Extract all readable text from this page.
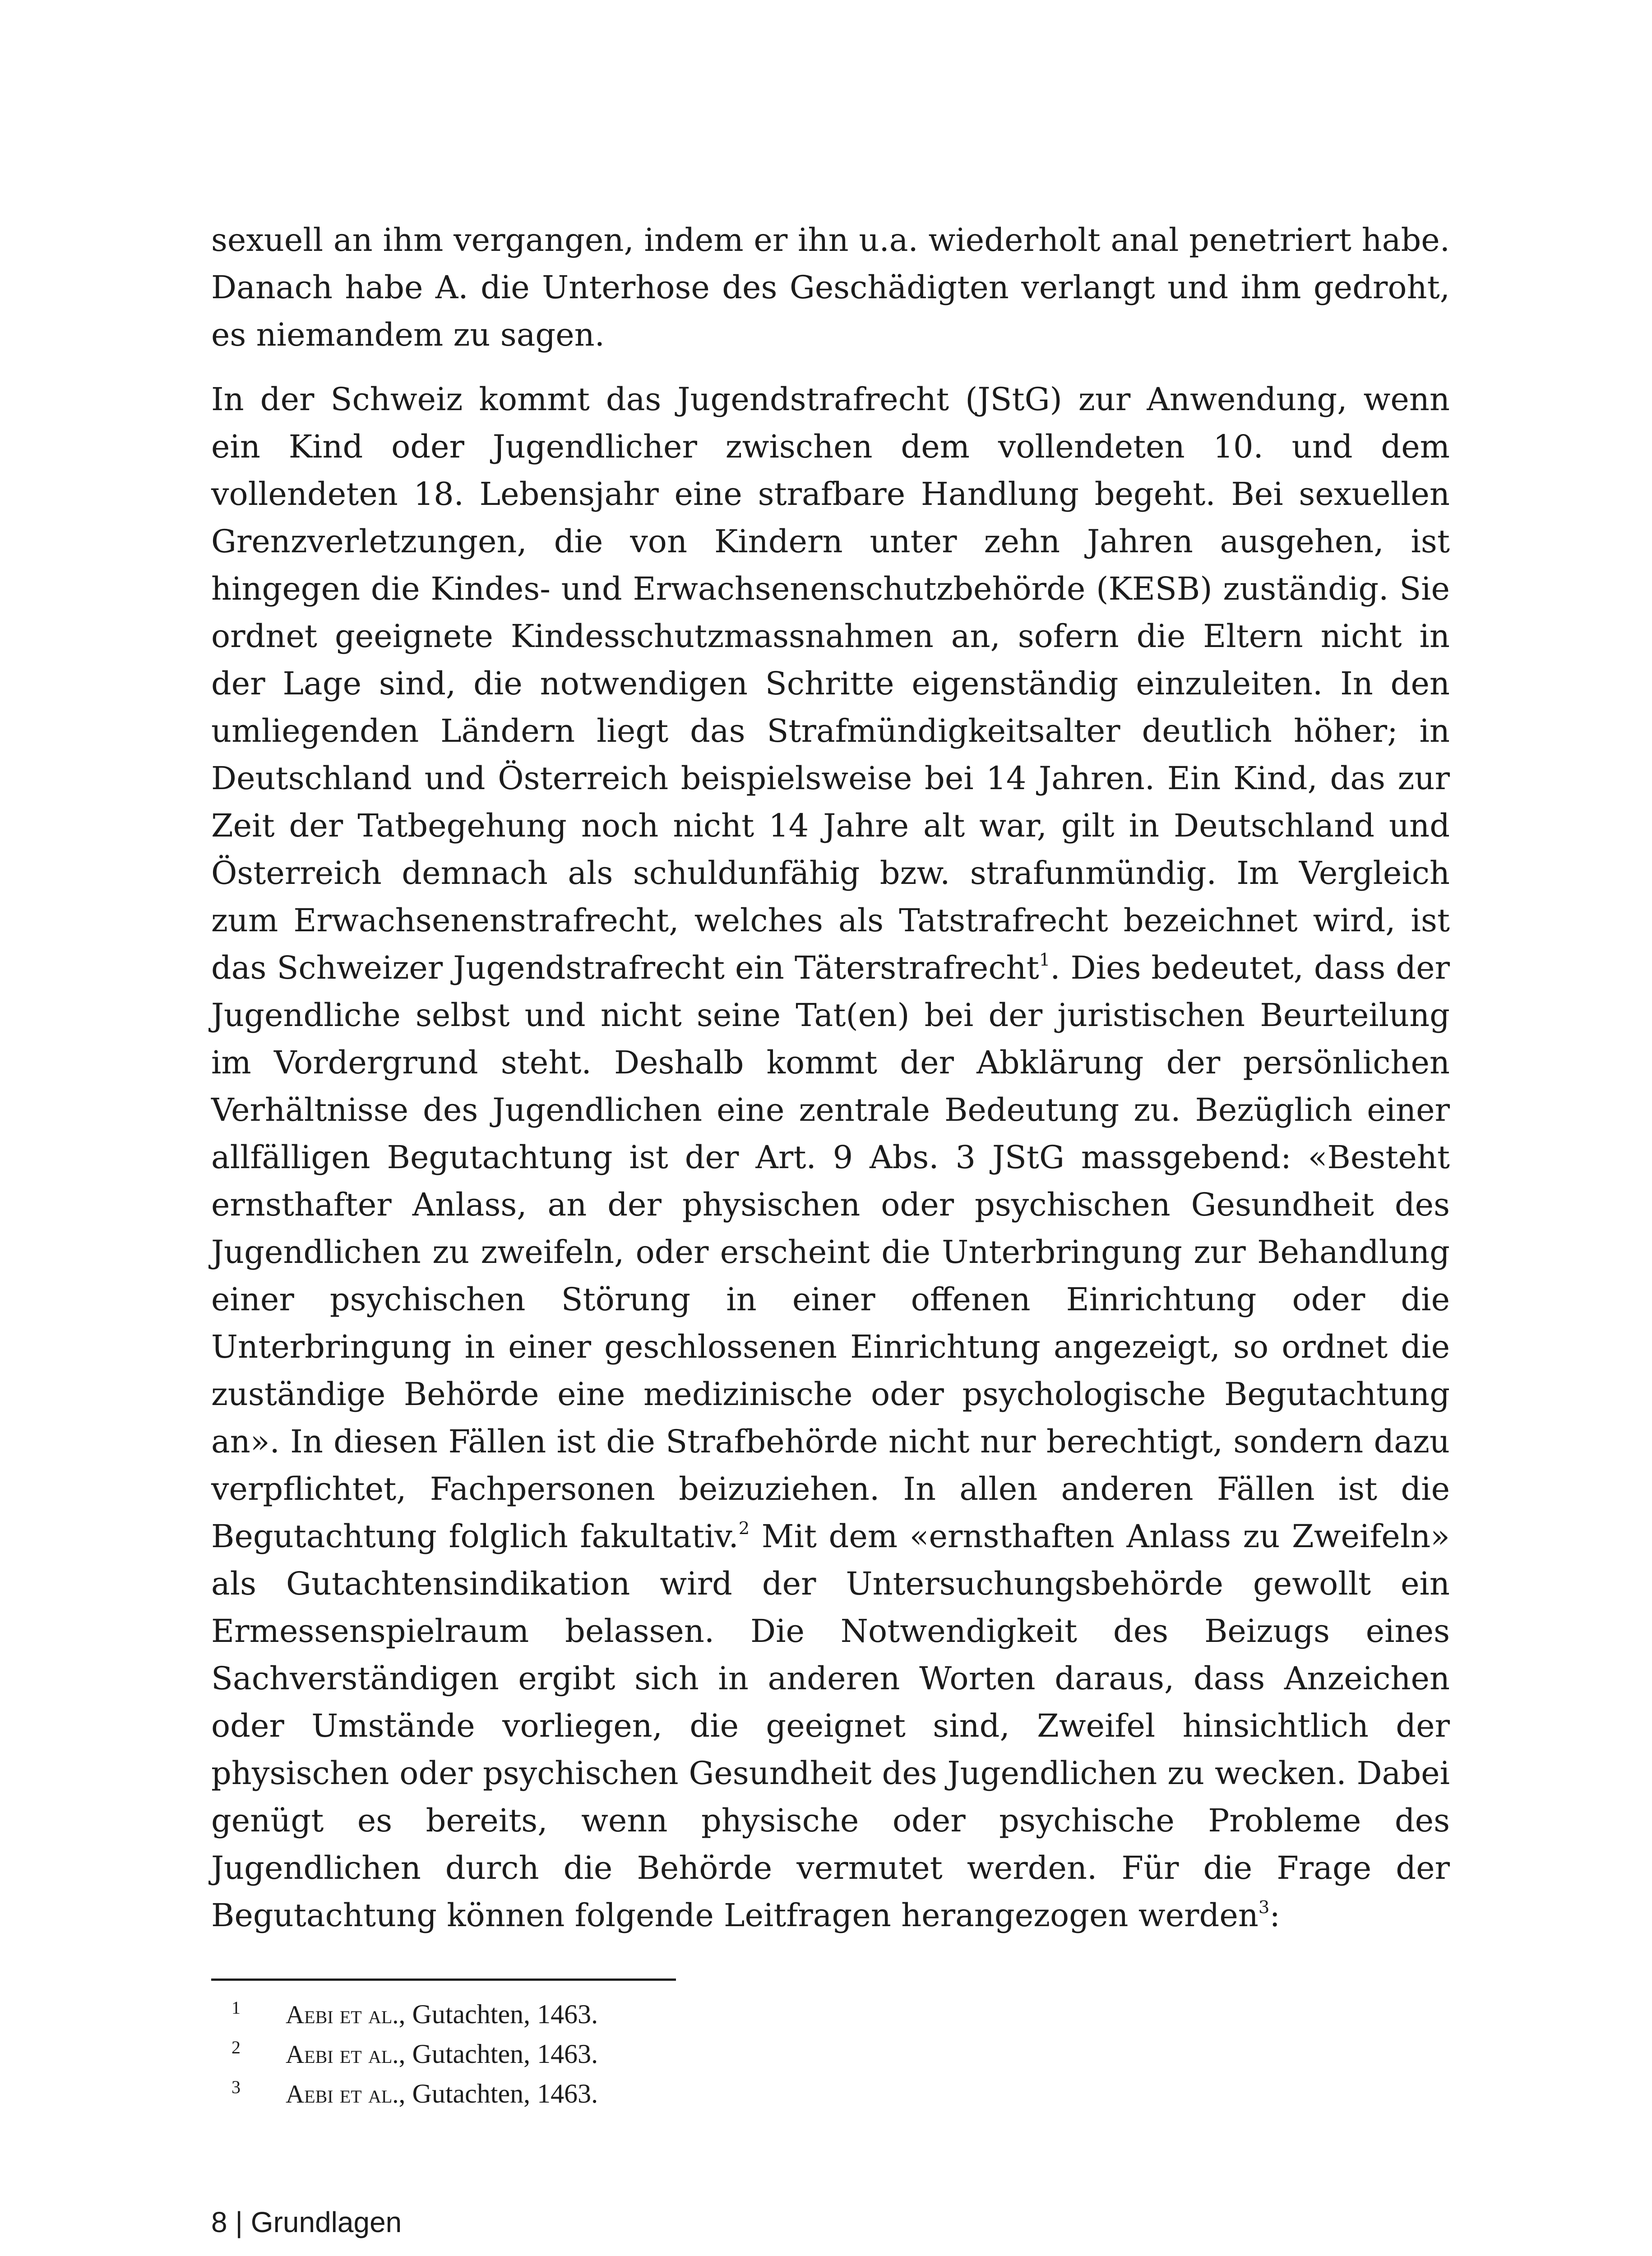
sexuell an ihm vergangen, indem er ihn u.a. wiederholt anal penetriert habe. Danach habe A. die Unterhose des Geschädigten verlangt und ihm gedroht, es niemandem zu sagen.

In der Schweiz kommt das Jugendstrafrecht (JStG) zur Anwendung, wenn ein Kind oder Jugendlicher zwischen dem vollendeten 10. und dem vollendeten 18. Lebensjahr eine strafbare Handlung begeht. Bei sexuellen Grenzverletzungen, die von Kindern unter zehn Jahren ausgehen, ist hingegen die Kindes- und Erwachsenenschutzbehörde (KESB) zuständig. Sie ordnet geeignete Kindesschutzmassnahmen an, sofern die Eltern nicht in der Lage sind, die notwendigen Schritte eigenständig einzuleiten. In den umliegenden Ländern liegt das Strafmündigkeitsalter deutlich höher; in Deutschland und Österreich beispielsweise bei 14 Jahren. Ein Kind, das zur Zeit der Tatbegehung noch nicht 14 Jahre alt war, gilt in Deutschland und Österreich demnach als schuldunfähig bzw. strafunmündig. Im Vergleich zum Erwachsenenstrafrecht, welches als Tatstrafrecht bezeichnet wird, ist das Schweizer Jugendstrafrecht ein Täterstrafrecht$^1$. Dies bedeutet, dass der Jugendliche selbst und nicht seine Tat(en) bei der juristischen Beurteilung im Vordergrund steht. Deshalb kommt der Abklärung der persönlichen Verhältnisse des Jugendlichen eine zentrale Bedeutung zu. Bezüglich einer allfälligen Begutachtung ist der Art. 9 Abs. 3 JStG massgebend: «Besteht ernsthafter Anlass, an der physischen oder psychischen Gesundheit des Jugendlichen zu zweifeln, oder erscheint die Unterbringung zur Behandlung einer psychischen Störung in einer offenen Einrichtung oder die Unterbringung in einer geschlossenen Einrichtung angezeigt, so ordnet die zuständige Behörde eine medizinische oder psychologische Begutachtung an». In diesen Fällen ist die Strafbehörde nicht nur berechtigt, sondern dazu verpflichtet, Fachpersonen beizuziehen. In allen anderen Fällen ist die Begutachtung folglich fakultativ.$^2$ Mit dem «ernsthaften Anlass zu Zweifeln» als Gutachtensindikation wird der Untersuchungsbehörde gewollt ein Ermessenspielraum belassen. Die Notwendigkeit des Beizugs eines Sachverständigen ergibt sich in anderen Worten daraus, dass Anzeichen oder Umstände vorliegen, die geeignet sind, Zweifel hinsichtlich der physischen oder psychischen Gesundheit des Jugendlichen zu wecken. Dabei genügt es bereits, wenn physische oder psychische Probleme des Jugendlichen durch die Behörde vermutet werden. Für die Frage der Begutachtung können folgende Leitfragen herangezogen werden$^3$:

1 Aebi et al., Gutachten, 1463.
2 Aebi et al., Gutachten, 1463.
3 Aebi et al., Gutachten, 1463.
8 | Grundlagen
